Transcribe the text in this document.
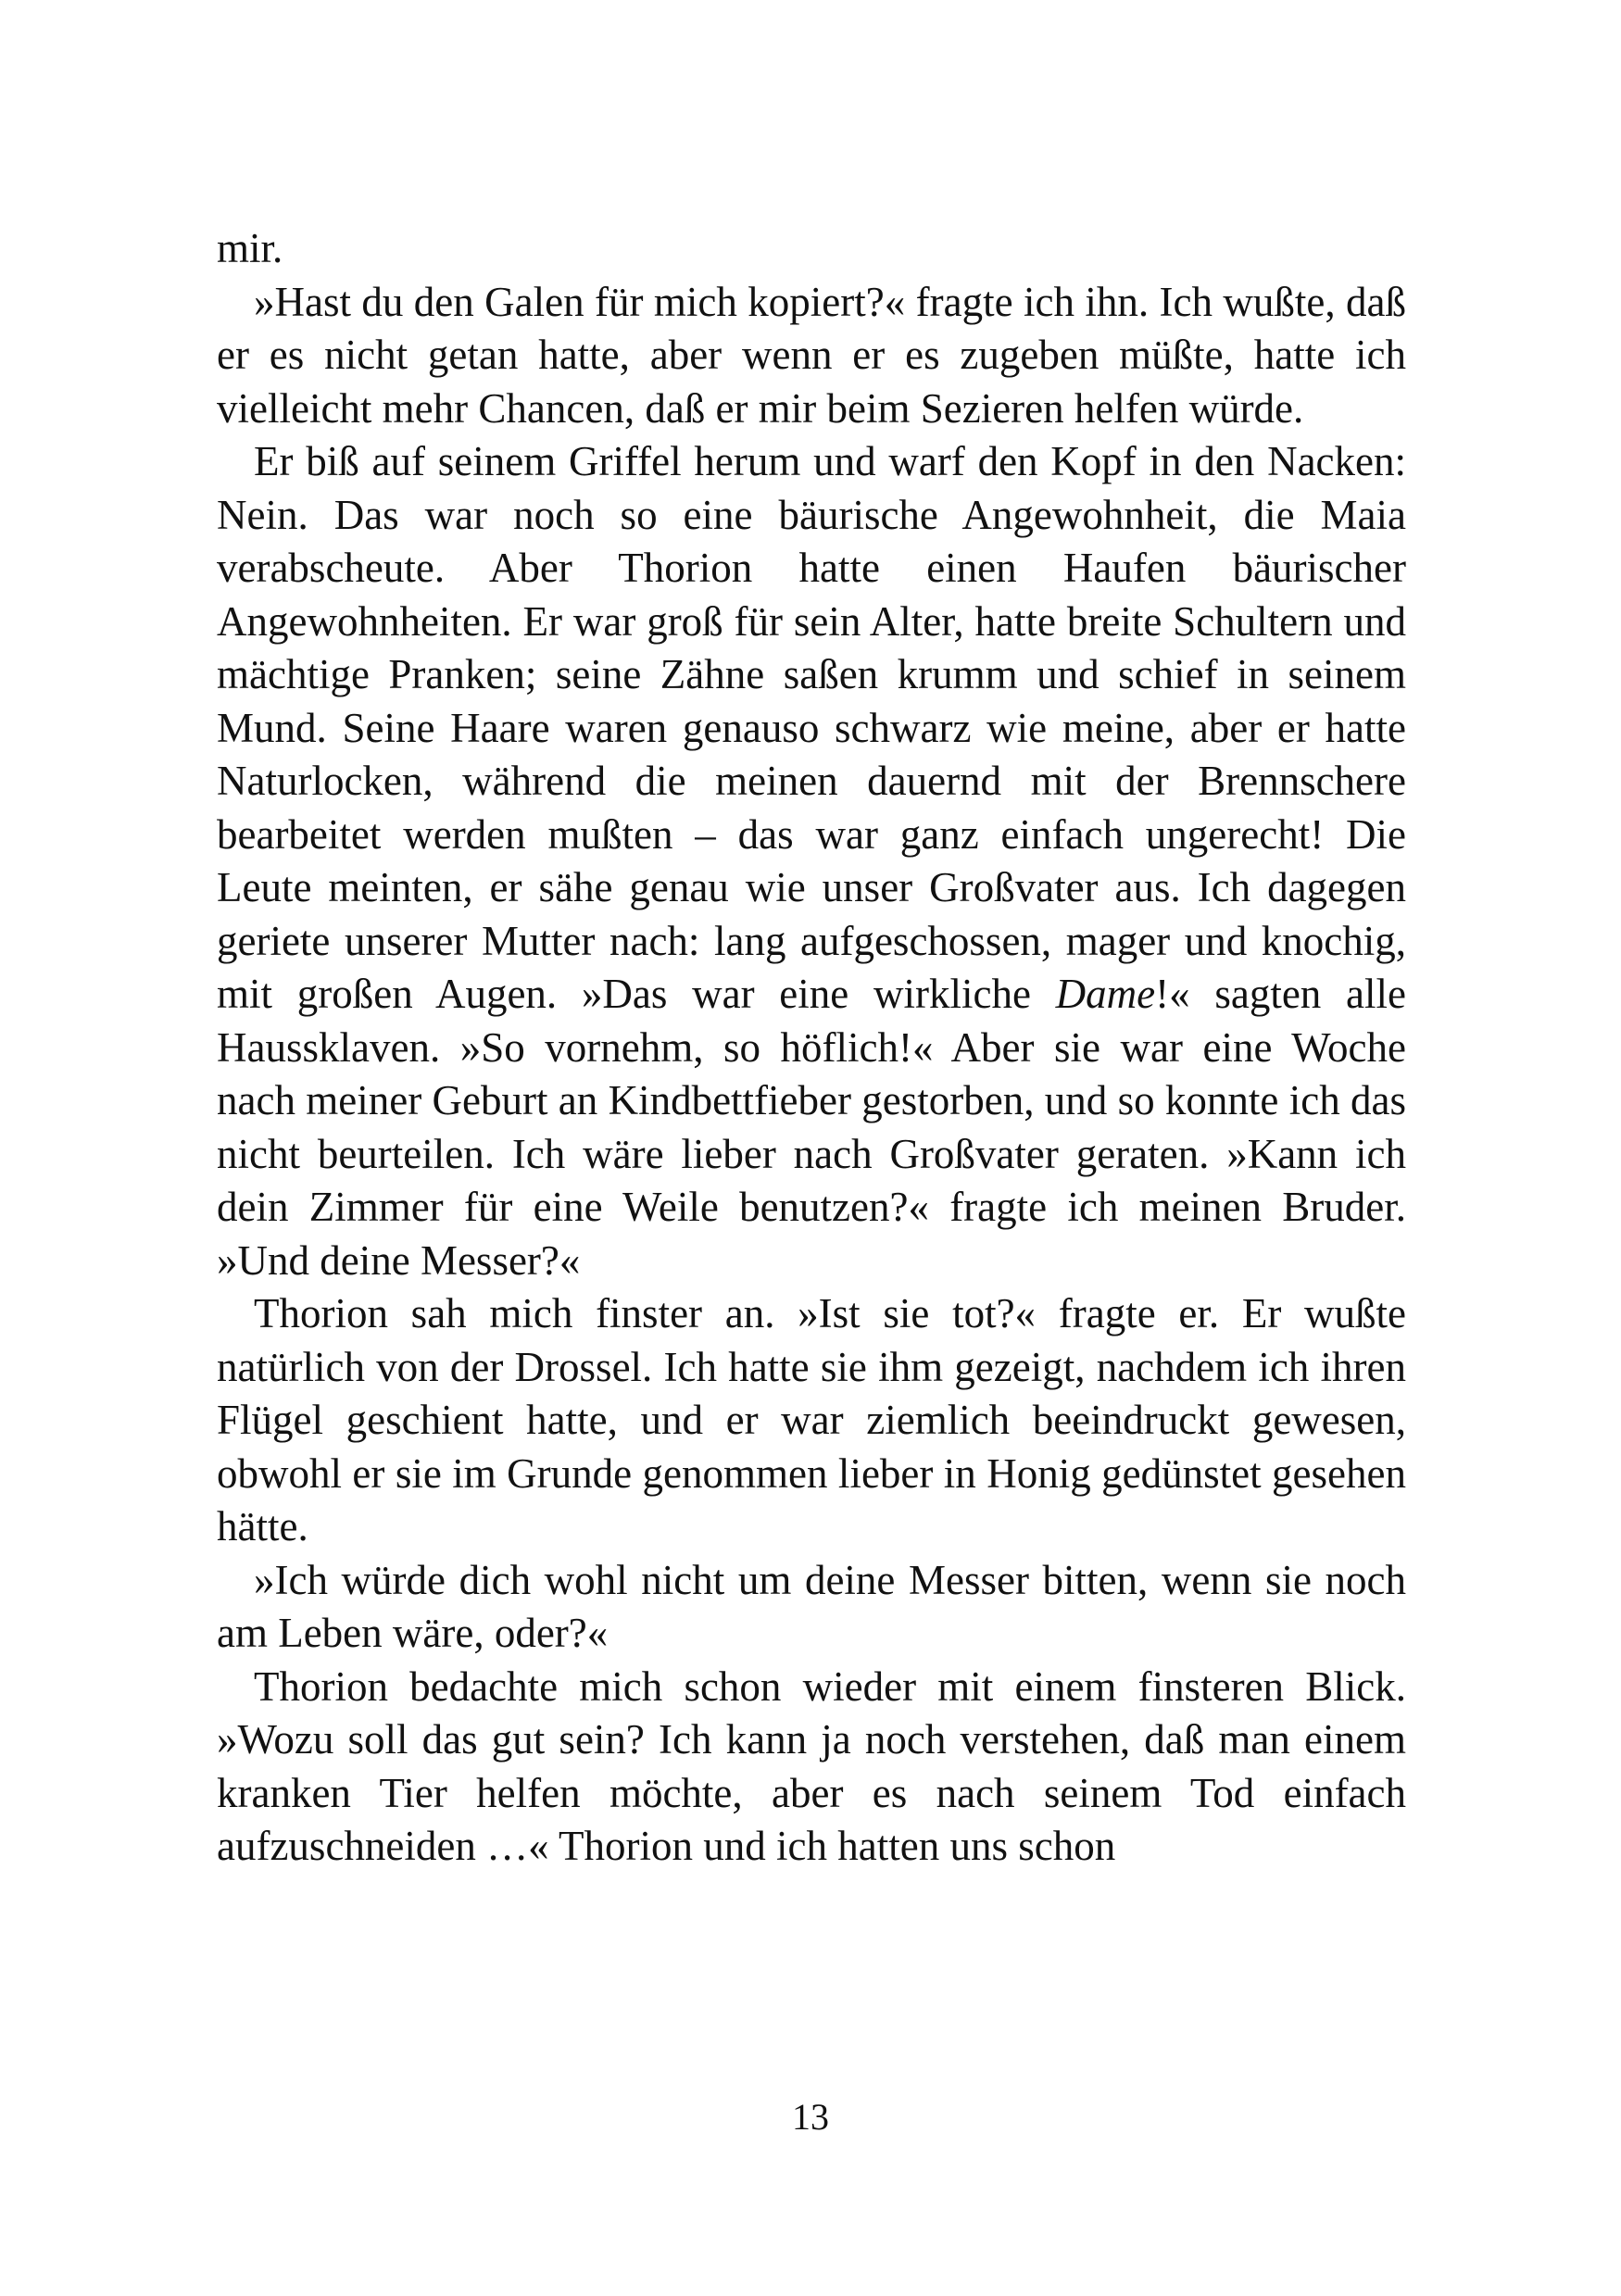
mir.

»Hast du den Galen für mich kopiert?« fragte ich ihn. Ich wußte, daß er es nicht getan hatte, aber wenn er es zugeben müßte, hatte ich vielleicht mehr Chancen, daß er mir beim Sezieren helfen würde.

Er biß auf seinem Griffel herum und warf den Kopf in den Nacken: Nein. Das war noch so eine bäurische Angewohnheit, die Maia verabscheute. Aber Thorion hatte einen Haufen bäurischer Angewohnheiten. Er war groß für sein Alter, hatte breite Schultern und mächtige Pranken; seine Zähne saßen krumm und schief in seinem Mund. Seine Haare waren genauso schwarz wie meine, aber er hatte Naturlocken, während die meinen dauernd mit der Brennschere bearbeitet werden mußten – das war ganz einfach ungerecht! Die Leute meinten, er sähe genau wie unser Großvater aus. Ich dagegen geriete unserer Mutter nach: lang aufgeschossen, mager und knochig, mit großen Augen. »Das war eine wirkliche Dame!« sagten alle Haussklaven. »So vornehm, so höflich!« Aber sie war eine Woche nach meiner Geburt an Kindbettfieber gestorben, und so konnte ich das nicht beurteilen. Ich wäre lieber nach Großvater geraten. »Kann ich dein Zimmer für eine Weile benutzen?« fragte ich meinen Bruder. »Und deine Messer?«

Thorion sah mich finster an. »Ist sie tot?« fragte er. Er wußte natürlich von der Drossel. Ich hatte sie ihm gezeigt, nachdem ich ihren Flügel geschient hatte, und er war ziemlich beeindruckt gewesen, obwohl er sie im Grunde genommen lieber in Honig gedünstet gesehen hätte.

»Ich würde dich wohl nicht um deine Messer bitten, wenn sie noch am Leben wäre, oder?«

Thorion bedachte mich schon wieder mit einem finsteren Blick. »Wozu soll das gut sein? Ich kann ja noch verstehen, daß man einem kranken Tier helfen möchte, aber es nach seinem Tod einfach aufzuschneiden …« Thorion und ich hatten uns schon

13
